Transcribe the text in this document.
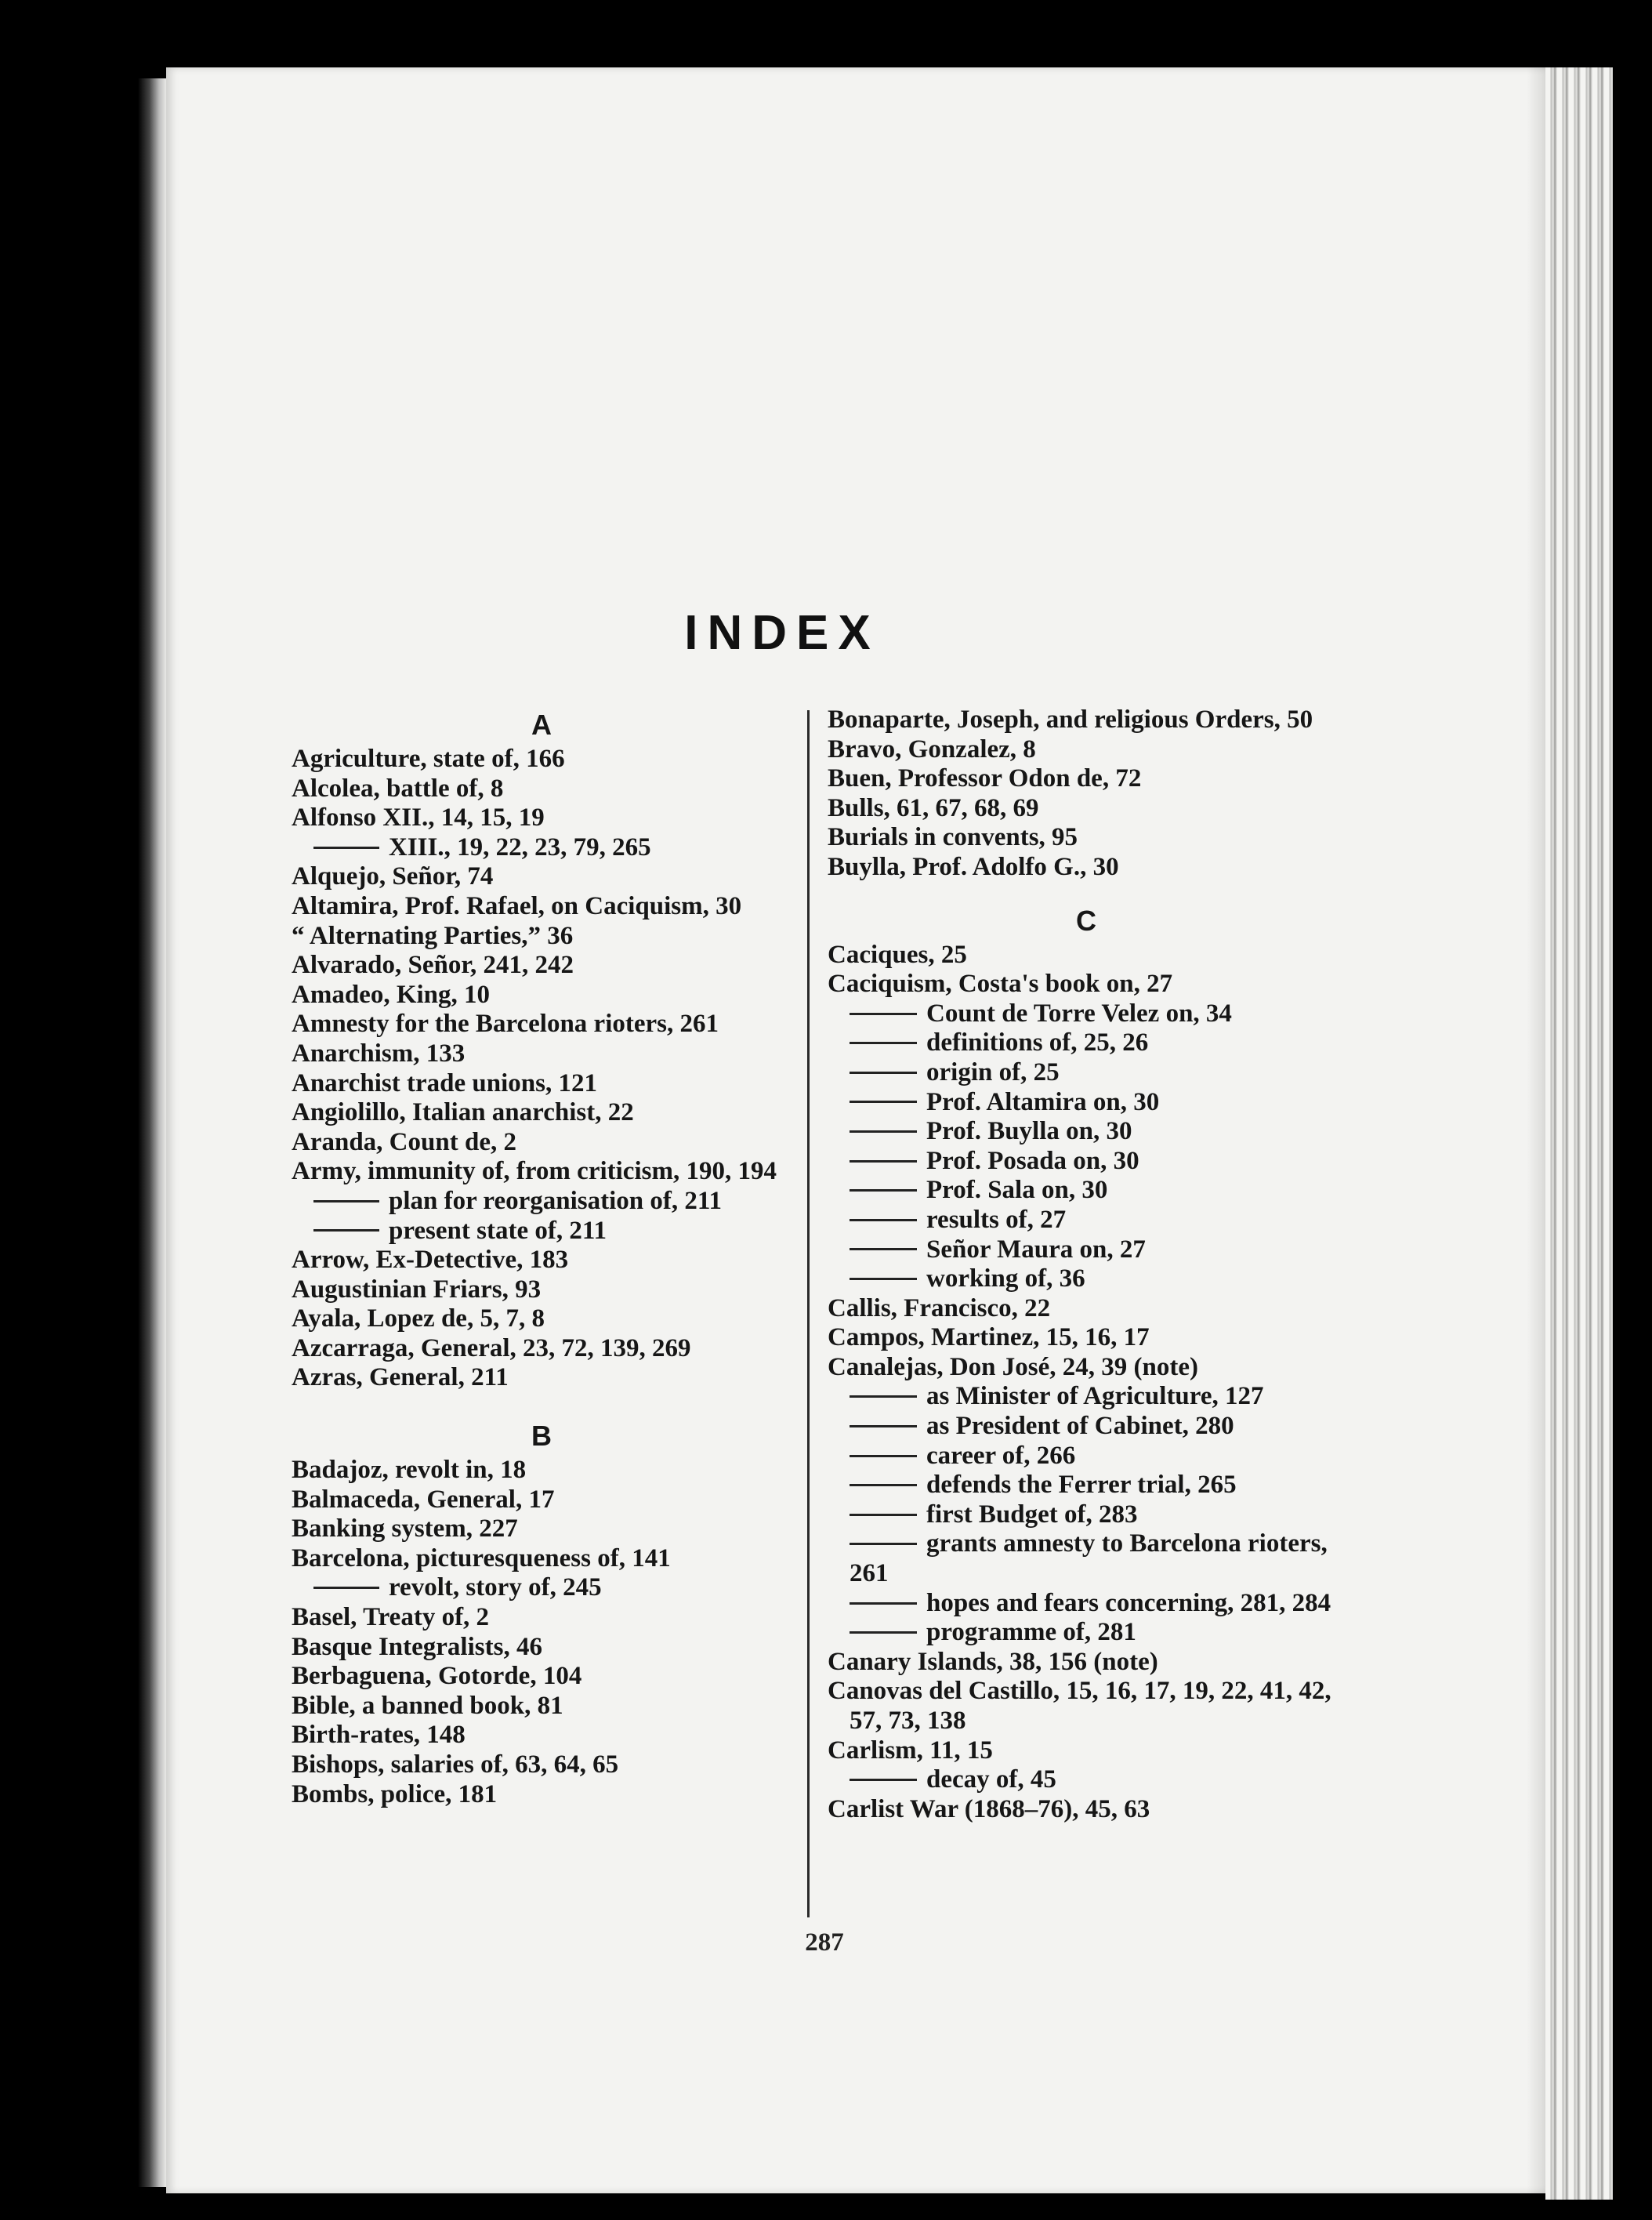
INDEX
A
Agriculture, state of, 166
Alcolea, battle of, 8
Alfonso XII., 14, 15, 19
XIII., 19, 22, 23, 79, 265
Alquejo, Señor, 74
Altamira, Prof. Rafael, on Caciquism, 30
“ Alternating Parties,” 36
Alvarado, Señor, 241, 242
Amadeo, King, 10
Amnesty for the Barcelona rioters, 261
Anarchism, 133
Anarchist trade unions, 121
Angiolillo, Italian anarchist, 22
Aranda, Count de, 2
Army, immunity of, from criticism, 190, 194
plan for reorganisation of, 211
present state of, 211
Arrow, Ex-Detective, 183
Augustinian Friars, 93
Ayala, Lopez de, 5, 7, 8
Azcarraga, General, 23, 72, 139, 269
Azras, General, 211
B
Badajoz, revolt in, 18
Balmaceda, General, 17
Banking system, 227
Barcelona, picturesqueness of, 141
revolt, story of, 245
Basel, Treaty of, 2
Basque Integralists, 46
Berbaguena, Gotorde, 104
Bible, a banned book, 81
Birth-rates, 148
Bishops, salaries of, 63, 64, 65
Bombs, police, 181
Bonaparte, Joseph, and religious Orders, 50
Bravo, Gonzalez, 8
Buen, Professor Odon de, 72
Bulls, 61, 67, 68, 69
Burials in convents, 95
Buylla, Prof. Adolfo G., 30
C
Caciques, 25
Caciquism, Costa's book on, 27
Count de Torre Velez on, 34
definitions of, 25, 26
origin of, 25
Prof. Altamira on, 30
Prof. Buylla on, 30
Prof. Posada on, 30
Prof. Sala on, 30
results of, 27
Señor Maura on, 27
working of, 36
Callis, Francisco, 22
Campos, Martinez, 15, 16, 17
Canalejas, Don José, 24, 39 (note)
as Minister of Agriculture, 127
as President of Cabinet, 280
career of, 266
defends the Ferrer trial, 265
first Budget of, 283
grants amnesty to Barcelona rioters, 261
hopes and fears concerning, 281, 284
programme of, 281
Canary Islands, 38, 156 (note)
Canovas del Castillo, 15, 16, 17, 19, 22, 41, 42, 57, 73, 138
Carlism, 11, 15
decay of, 45
Carlist War (1868–76), 45, 63
287
